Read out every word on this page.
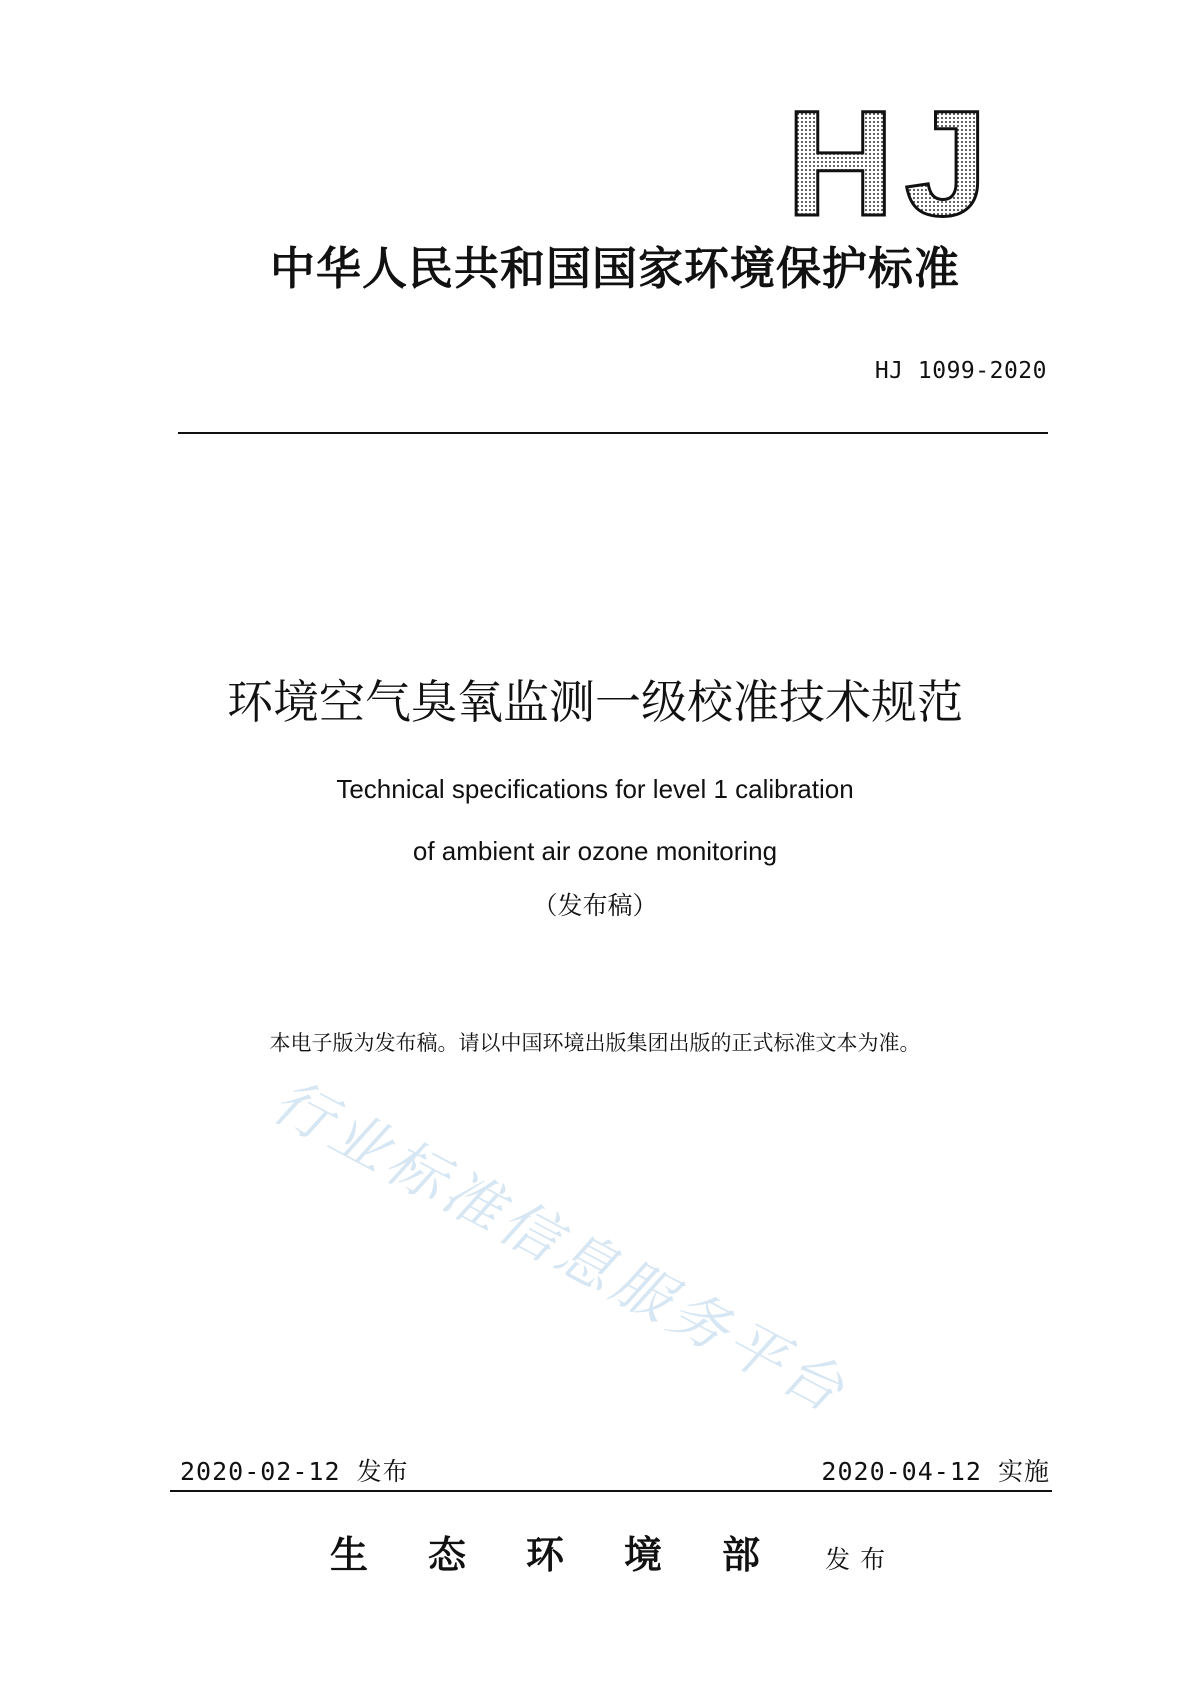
HJ
中华人民共和国国家环境保护标准
HJ 1099-2020
行业标准信息服务平台
环境空气臭氧监测一级校准技术规范
Technical specifications for level 1 calibration
of ambient air ozone monitoring
（发布稿）
本电子版为发布稿。请以中国环境出版集团出版的正式标准文本为准。
2020-02-12 发布	2020-04-12 实施
生态环境部 发布
